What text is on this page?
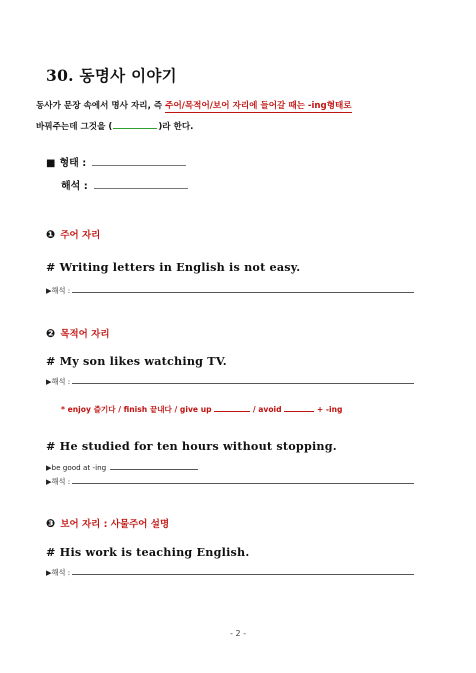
30. 동명사 이야기
동사가 문장 속에서 명사 자리, 즉 주어/목적어/보어 자리에 들어갈 때는 -ing형태로
바꿔주는데 그것을 (	)라 한다.
■ 형태 :
해석 :
❶ 주어 자리
# Writing letters in English is not easy.
▶해석 :
❷ 목적어 자리
# My son likes watching TV.
▶해석 :
* enjoy 즐기다 / finish 끝내다 / give up	/ avoid	+ -ing
# He studied for ten hours without stopping.
▶be good at -ing
▶해석 :
❸ 보어 자리 : 사물주어 설명
# His work is teaching English.
▶해석 :
- 2 -
